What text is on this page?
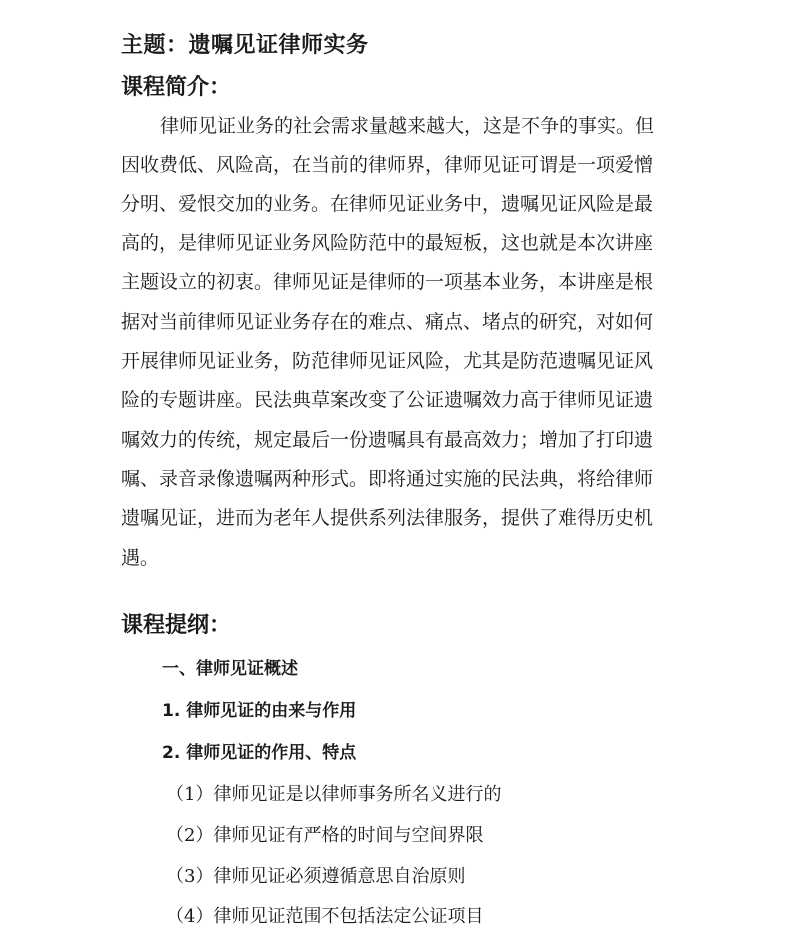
主题：遗嘱见证律师实务
课程简介：

律师见证业务的社会需求量越来越大，这是不争的事实。但

因收费低、风险高，在当前的律师界，律师见证可谓是一项爱憎

分明、爱恨交加的业务。在律师见证业务中，遗嘱见证风险是最

高的，是律师见证业务风险防范中的最短板，这也就是本次讲座

主题设立的初衷。律师见证是律师的一项基本业务，本讲座是根

据对当前律师见证业务存在的难点、痛点、堵点的研究，对如何

开展律师见证业务，防范律师见证风险，尤其是防范遗嘱见证风

险的专题讲座。民法典草案改变了公证遗嘱效力高于律师见证遗

嘱效力的传统，规定最后一份遗嘱具有最高效力；增加了打印遗

嘱、录音录像遗嘱两种形式。即将通过实施的民法典，将给律师

遗嘱见证，进而为老年人提供系列法律服务，提供了难得历史机

遇。

课程提纲：

一、律师见证概述

1. 律师见证的由来与作用

2. 律师见证的作用、特点

（1）律师见证是以律师事务所名义进行的

（2）律师见证有严格的时间与空间界限

（3）律师见证必须遵循意思自治原则

（4）律师见证范围不包括法定公证项目
